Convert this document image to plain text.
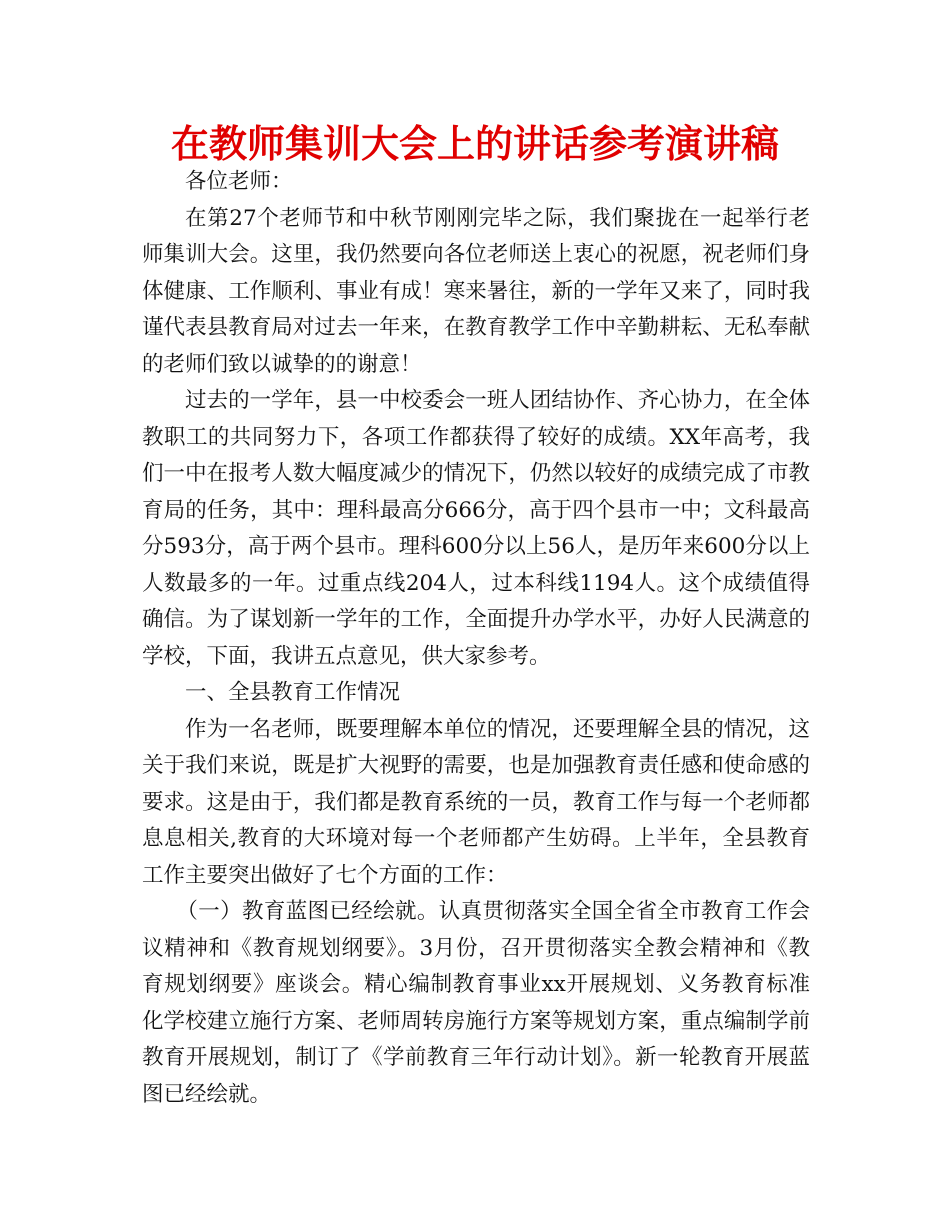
在教师集训大会上的讲话参考演讲稿

各位老师：

在第27个老师节和中秋节刚刚完毕之际，我们聚拢在一起举行老师集训大会。这里，我仍然要向各位老师送上衷心的祝愿，祝老师们身体健康、工作顺利、事业有成！寒来暑往，新的一学年又来了，同时我谨代表县教育局对过去一年来，在教育教学工作中辛勤耕耘、无私奉献的老师们致以诚挚的的谢意！

过去的一学年，县一中校委会一班人团结协作、齐心协力，在全体教职工的共同努力下，各项工作都获得了较好的成绩。XX年高考，我们一中在报考人数大幅度减少的情况下，仍然以较好的成绩完成了市教育局的任务，其中：理科最高分666分，高于四个县市一中；文科最高分593分，高于两个县市。理科600分以上56人，是历年来600分以上人数最多的一年。过重点线204人，过本科线1194人。这个成绩值得确信。为了谋划新一学年的工作，全面提升办学水平，办好人民满意的学校，下面，我讲五点意见，供大家参考。

一、全县教育工作情况

作为一名老师，既要理解本单位的情况，还要理解全县的情况，这关于我们来说，既是扩大视野的需要，也是加强教育责任感和使命感的要求。这是由于，我们都是教育系统的一员，教育工作与每一个老师都息息相关,教育的大环境对每一个老师都产生妨碍。上半年，全县教育工作主要突出做好了七个方面的工作：

（一）教育蓝图已经绘就。认真贯彻落实全国全省全市教育工作会议精神和《教育规划纲要》。3月份，召开贯彻落实全教会精神和《教育规划纲要》座谈会。精心编制教育事业xx开展规划、义务教育标准化学校建立施行方案、老师周转房施行方案等规划方案，重点编制学前教育开展规划，制订了《学前教育三年行动计划》。新一轮教育开展蓝图已经绘就。
